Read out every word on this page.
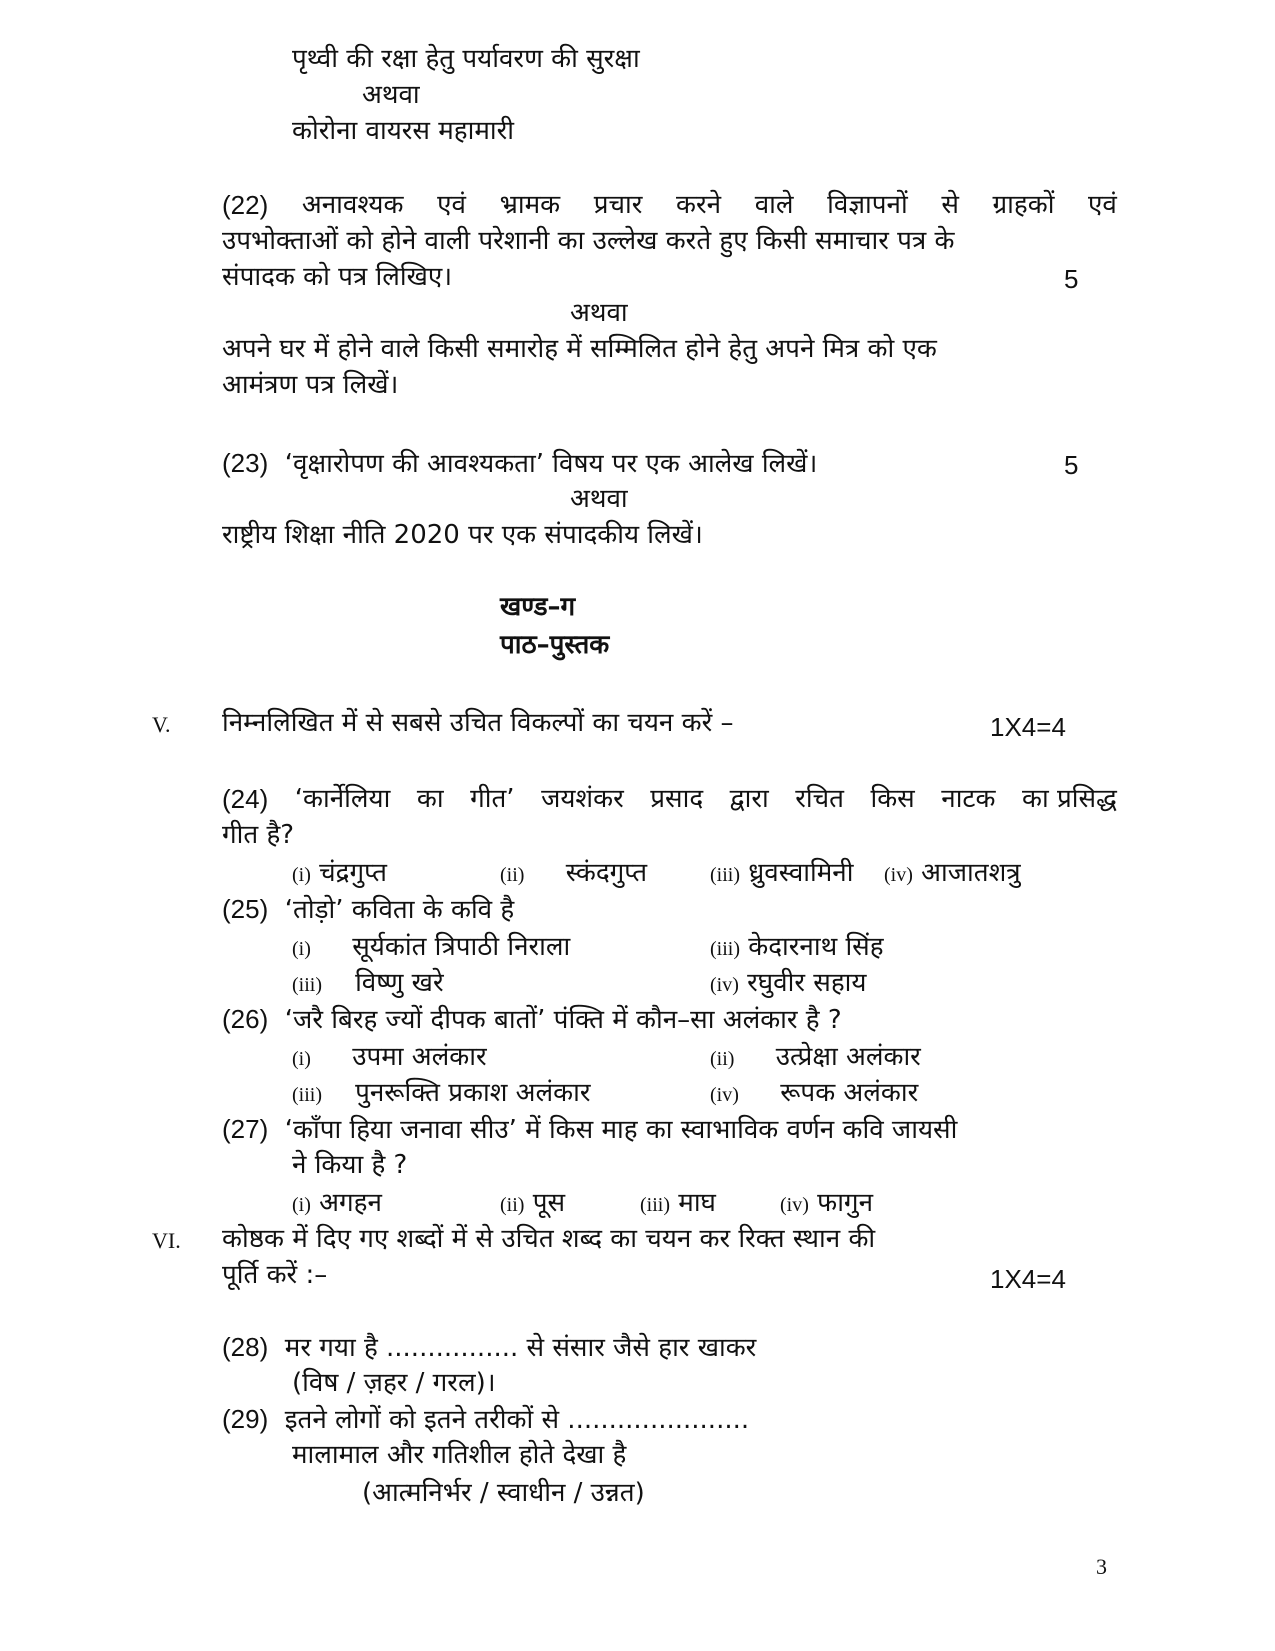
पृथ्वी की रक्षा हेतु पर्यावरण की सुरक्षा
अथवा
कोरोना वायरस महामारी
(22) अनावश्यक एवं भ्रामक प्रचार करने वाले विज्ञापनों से ग्राहकों एवं
उपभोक्ताओं को होने वाली परेशानी का उल्लेख करते हुए किसी समाचार पत्र के
संपादक को पत्र लिखिए।	5
अथवा
अपने घर में होने वाले किसी समारोह में सम्मिलित होने हेतु अपने मित्र को एक
आमंत्रण पत्र लिखें।
(23) ‘वृक्षारोपण की आवश्यकता’ विषय पर एक आलेख लिखें।	5
अथवा
राष्ट्रीय शिक्षा नीति 2020 पर एक संपादकीय लिखें।
खण्ड–ग
पाठ–पुस्तक
V. निम्नलिखित में से सबसे उचित विकल्पों का चयन करें –	1X4=4
(24) ‘कार्नेलिया का गीत’ जयशंकर प्रसाद द्वारा रचित किस नाटक का प्रसिद्ध
गीत है?
(i) चंद्रगुप्त	(ii) स्कंदगुप्त	(iii) ध्रुवस्वामिनी (iv) आजातशत्रु
(25) ‘तोड़ो’ कविता के कवि है
(i) सूर्यकांत त्रिपाठी निराला	(iii) केदारनाथ सिंह
(iii) विष्णु खरे	(iv) रघुवीर सहाय
(26) ‘जरै बिरह ज्यों दीपक बातों’ पंक्ति में कौन–सा अलंकार है ?
(i) उपमा अलंकार	(ii) उत्प्रेक्षा अलंकार
(iii) पुनरूक्ति प्रकाश अलंकार	(iv) रूपक अलंकार
(27) ‘काँपा हिया जनावा सीउ’ में किस माह का स्वाभाविक वर्णन कवि जायसी
ने किया है ?
(i) अगहन	(ii) पूस	(iii) माघ	(iv) फागुन
VI. कोष्ठक में दिए गए शब्दों में से उचित शब्द का चयन कर रिक्त स्थान की
पूर्ति करें :–	1X4=4
(28) मर गया है ................ से संसार जैसे हार खाकर
(विष / ज़हर / गरल)।
(29) इतने लोगों को इतने तरीकों से ......................
मालामाल और गतिशील होते देखा है
(आत्मनिर्भर / स्वाधीन / उन्नत)
3
